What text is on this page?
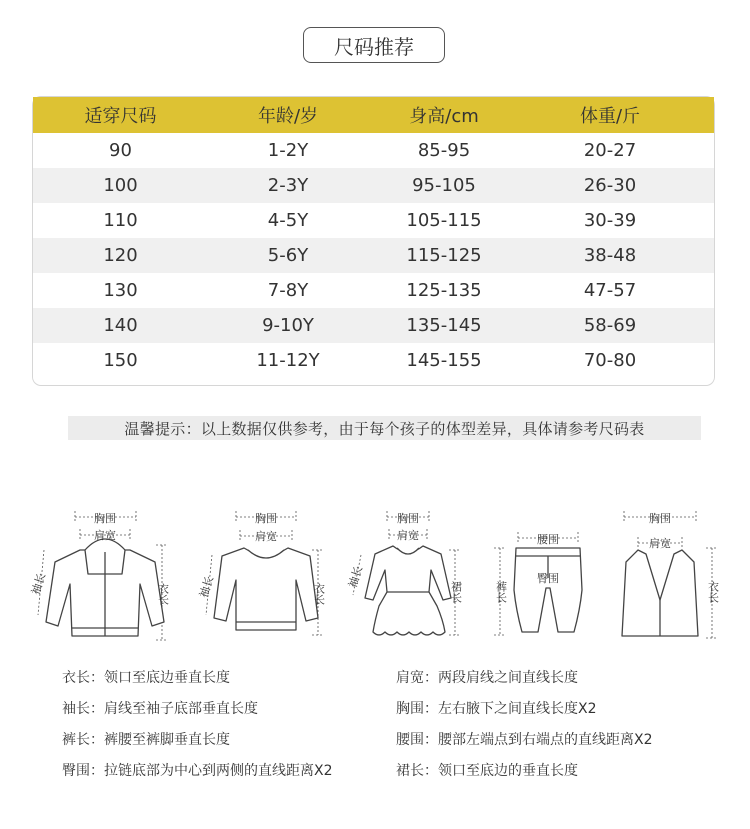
尺码推荐
适穿尺码	年龄/岁	身高/cm	体重/斤
90	1-2Y	85-95	20-27
100	2-3Y	95-105	26-30
110	4-5Y	105-115	30-39
120	5-6Y	115-125	38-48
130	7-8Y	125-135	47-57
140	9-10Y	135-145	58-69
150	11-12Y	145-155	70-80
温馨提示：以上数据仅供参考，由于每个孩子的体型差异，具体请参考尺码表
胸围
肩宽
袖长	衣长
胸围
肩宽
袖长	衣长
胸围
肩宽
袖长
裙长
腰围
臀围
裤长
胸围
肩宽
衣长
衣长：领口至底边垂直长度
袖长：肩线至袖子底部垂直长度
裤长：裤腰至裤脚垂直长度
臀围：拉链底部为中心到两侧的直线距离X2
肩宽：两段肩线之间直线长度
胸围：左右腋下之间直线长度X2
腰围：腰部左端点到右端点的直线距离X2
裙长：领口至底边的垂直长度
